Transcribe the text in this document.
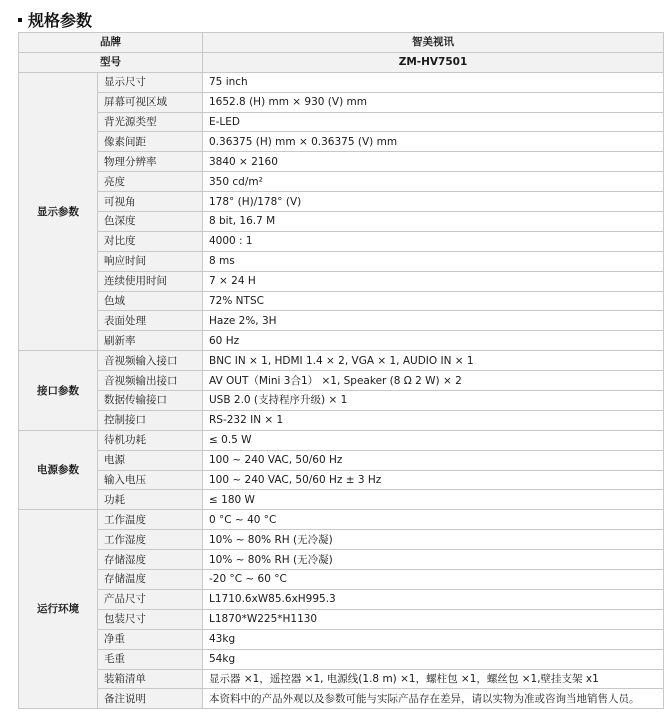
规格参数
品牌		智美视讯
型号		ZM-HV7501
显示参数	显示尺寸	75 inch
	屏幕可视区域	1652.8 (H) mm × 930 (V) mm
	背光源类型	E-LED
	像素间距	0.36375 (H) mm × 0.36375 (V) mm
	物理分辨率	3840 × 2160
	亮度	350 cd/m²
	可视角	178° (H)/178° (V)
	色深度	8 bit, 16.7 M
	对比度	4000 : 1
	响应时间	8 ms
	连续使用时间	7 × 24 H
	色域	72% NTSC
	表面处理	Haze 2%, 3H
	刷新率	60 Hz
接口参数	音视频输入接口	BNC IN × 1, HDMI 1.4 × 2, VGA × 1, AUDIO IN × 1
	音视频输出接口	AV OUT（Mini 3合1） ×1, Speaker (8 Ω 2 W) × 2
	数据传输接口	USB 2.0 (支持程序升级) × 1
	控制接口	RS-232 IN × 1
电源参数	待机功耗	≤ 0.5 W
	电源	100 ~ 240 VAC, 50/60 Hz
	输入电压	100 ~ 240 VAC, 50/60 Hz ± 3 Hz
	功耗	≤ 180 W
运行环境	工作温度	0 °C ~ 40 °C
	工作湿度	10% ~ 80% RH (无冷凝)
	存储湿度	10% ~ 80% RH (无冷凝)
	存储温度	-20 °C ~ 60 °C
	产品尺寸	L1710.6xW85.6xH995.3
	包装尺寸	L1870*W225*H1130
	净重	43kg
	毛重	54kg
	装箱清单	显示器 ×1，遥控器 ×1, 电源线(1.8 m) ×1，螺柱包 ×1，螺丝包 ×1,壁挂支架 x1
	备注说明	本资料中的产品外观以及参数可能与实际产品存在差异，请以实物为准或咨询当地销售人员。
